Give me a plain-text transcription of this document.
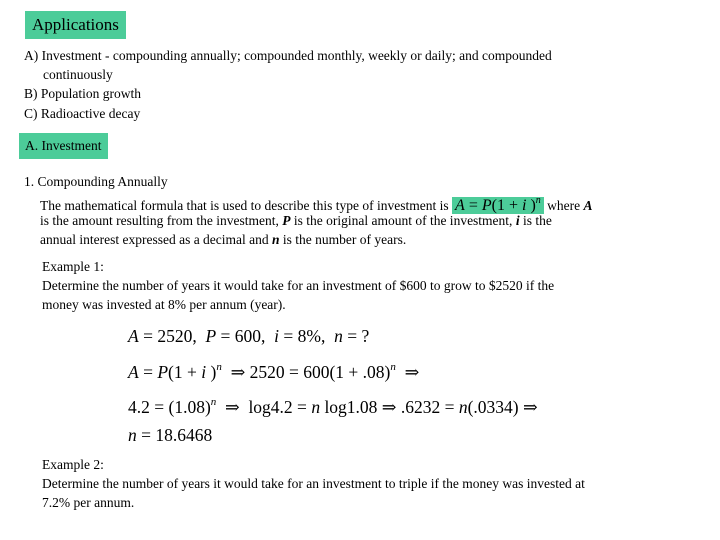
Applications
A) Investment - compounding annually; compounded monthly, weekly or daily; and compounded
continuously
B) Population growth
C) Radioactive decay
A. Investment
1. Compounding Annually
The mathematical formula that is used to describe this type of investment is A = P(1 + i )$^n$ where A
is the amount resulting from the investment, P is the original amount of the investment, i is the
annual interest expressed as a decimal and n is the number of years.
Example 1:
Determine the number of years it would take for an investment of $600 to grow to $2520 if the
money was invested at 8% per annum (year).
A = 2520,  P = 600,  i = 8%,  n = ?
A = P(1 + i )$^n$  ⇒ $2520 = 600(1 + .08)^n$  ⇒
$4.2 = (1.08)^n$  ⇒  log4.2 = n log1.08 ⇒ .6232 = n(.0334) ⇒
n = 18.6468
Example 2:
Determine the number of years it would take for an investment to triple if the money was invested at
7.2% per annum.
